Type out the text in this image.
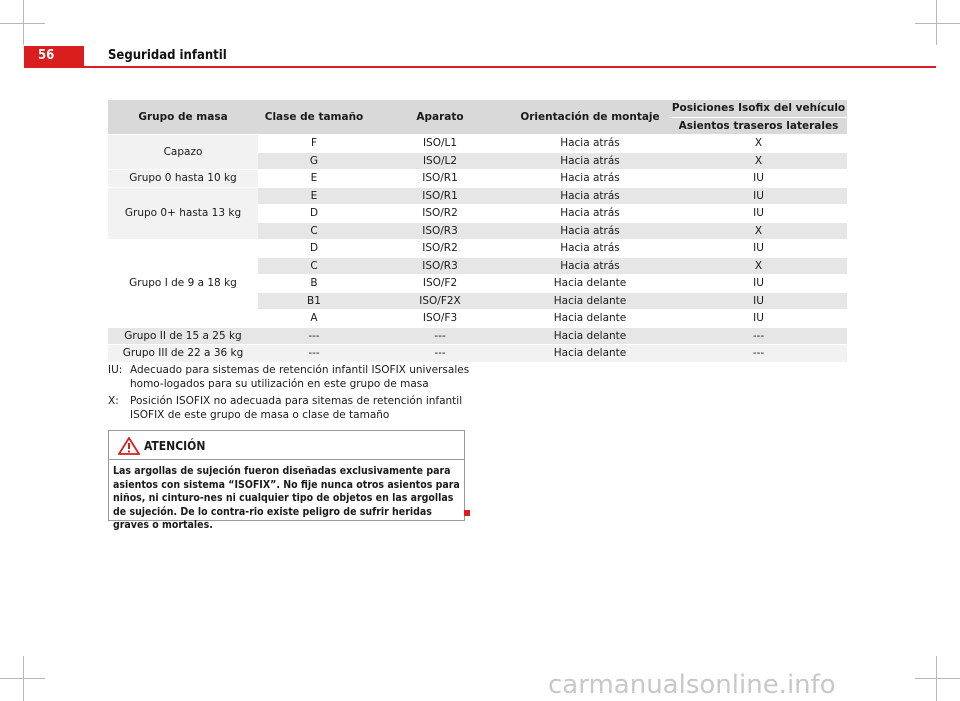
56	Seguridad infantil
Grupo de masa	Clase de tamaño	Aparato	Orientación de montaje	Posiciones Isofix del vehículo
				Asientos traseros laterales
Capazo	F	ISO/L1	Hacia atrás	X
	G	ISO/L2	Hacia atrás	X
Grupo 0 hasta 10 kg	E	ISO/R1	Hacia atrás	IU
Grupo 0+ hasta 13 kg	E	ISO/R1	Hacia atrás	IU
	D	ISO/R2	Hacia atrás	IU
	C	ISO/R3	Hacia atrás	X
Grupo I de 9 a 18 kg	D	ISO/R2	Hacia atrás	IU
	C	ISO/R3	Hacia atrás	X
	B	ISO/F2	Hacia delante	IU
	B1	ISO/F2X	Hacia delante	IU
	A	ISO/F3	Hacia delante	IU
Grupo II de 15 a 25 kg	---	---	Hacia delante	---
Grupo III de 22 a 36 kg	---	---	Hacia delante	---
IU: Adecuado para sistemas de retención infantil ISOFIX universales homo-logados para su utilización en este grupo de masa
X:	Posición ISOFIX no adecuada para sitemas de retención infantil ISOFIX de este grupo de masa o clase de tamaño
ATENCIÓN
Las argollas de sujeción fueron diseñadas exclusivamente para asientos con sistema “ISOFIX”. No fije nunca otros asientos para niños, ni cinturo-nes ni cualquier tipo de objetos en las argollas de sujeción. De lo contra-rio existe peligro de sufrir heridas graves o mortales.
carmanualsonline.info
